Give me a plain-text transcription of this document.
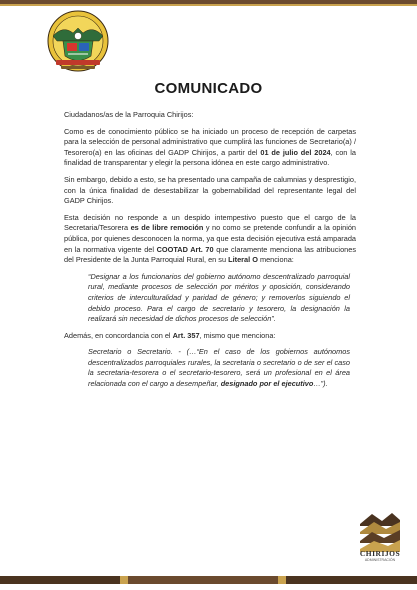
COMUNICADO

Ciudadanos/as de la Parroquia Chirijos:

Como es de conocimiento público se ha iniciado un proceso de recepción de carpetas para la selección de personal administrativo que cumplirá las funciones de Secretario(a) / Tesorero(a) en las oficinas del GADP Chirijos, a partir del 01 de julio del 2024, con la finalidad de transparentar y elegir la persona idónea en este cargo administrativo.

Sin embargo, debido a esto, se ha presentado una campaña de calumnias y desprestigio, con la única finalidad de desestabilizar la gobernabilidad del representante legal del GADP Chirijos.

Esta decisión no responde a un despido intempestivo puesto que el cargo de la Secretaria/Tesorera es de libre remoción y no como se pretende confundir a la opinión pública, por quienes desconocen la norma, ya que esta decisión ejecutiva está amparada en la normativa vigente del COOTAD Art. 70 que claramente menciona las atribuciones del Presidente de la Junta Parroquial Rural, en su Literal O menciona:

“Designar a los funcionarios del gobierno autónomo descentralizado parroquial rural, mediante procesos de selección por méritos y oposición, considerando criterios de interculturalidad y paridad de género; y removerlos siguiendo el debido proceso. Para el cargo de secretario y tesorero, la designación la realizará sin necesidad de dichos procesos de selección”.

Además, en concordancia con el Art. 357, mismo que menciona:

Secretario o Secretario. - (…“En el caso de los gobiernos autónomos descentralizados parroquiales rurales, la secretaria o secretario o de ser el caso la secretaria-tesorera o el secretario-tesorero, será un profesional en el área relacionada con el cargo a desempeñar, designado por el ejecutivo…”).

CHIRIJOS
ADMINISTRACIÓN
